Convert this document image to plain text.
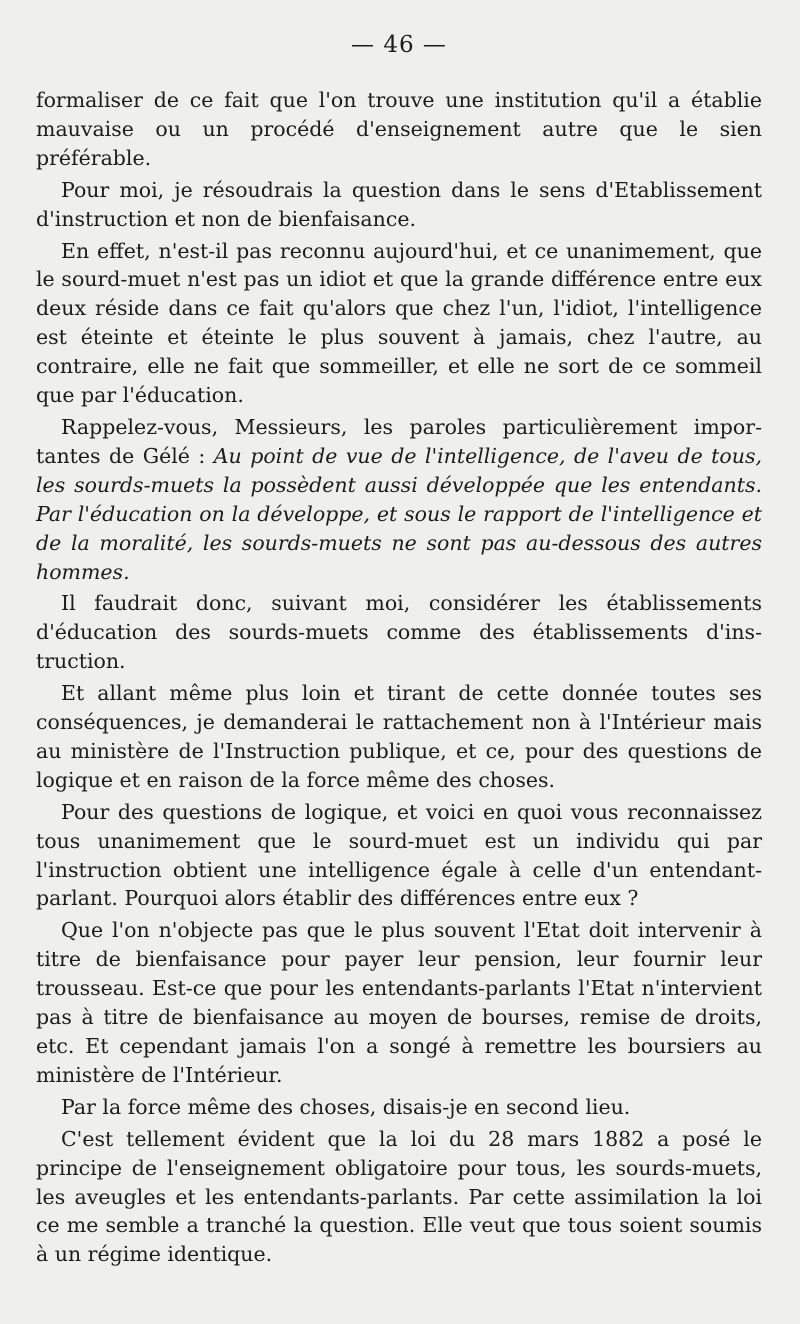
— 46 —

formaliser de ce fait que l'on trouve une institution qu'il a établie mauvaise ou un procédé d'enseignement autre que le sien préférable.

Pour moi, je résoudrais la question dans le sens d'Etablissement d'instruction et non de bienfaisance.

En effet, n'est-il pas reconnu aujourd'hui, et ce unanimement, que le sourd-muet n'est pas un idiot et que la grande différence entre eux deux réside dans ce fait qu'alors que chez l'un, l'idiot, l'intelligence est éteinte et éteinte le plus souvent à jamais, chez l'autre, au contraire, elle ne fait que sommeiller, et elle ne sort de ce sommeil que par l'éducation.

Rappelez-vous, Messieurs, les paroles particulièrement importantes de Gélé : Au point de vue de l'intelligence, de l'aveu de tous, les sourds-muets la possèdent aussi développée que les entendants. Par l'éducation on la développe, et sous le rapport de l'intelligence et de la moralité, les sourds-muets ne sont pas au-dessous des autres hommes.

Il faudrait donc, suivant moi, considérer les établissements d'éducation des sourds-muets comme des établissements d'instruction.

Et allant même plus loin et tirant de cette donnée toutes ses conséquences, je demanderai le rattachement non à l'Intérieur mais au ministère de l'Instruction publique, et ce, pour des questions de logique et en raison de la force même des choses.

Pour des questions de logique, et voici en quoi vous reconnaissez tous unanimement que le sourd-muet est un individu qui par l'instruction obtient une intelligence égale à celle d'un entendant-parlant. Pourquoi alors établir des différences entre eux ?

Que l'on n'objecte pas que le plus souvent l'Etat doit intervenir à titre de bienfaisance pour payer leur pension, leur fournir leur trousseau. Est-ce que pour les entendants-parlants l'Etat n'intervient pas à titre de bienfaisance au moyen de bourses, remise de droits, etc. Et cependant jamais l'on a songé à remettre les boursiers au ministère de l'Intérieur.

Par la force même des choses, disais-je en second lieu.

C'est tellement évident que la loi du 28 mars 1882 a posé le principe de l'enseignement obligatoire pour tous, les sourds-muets, les aveugles et les entendants-parlants. Par cette assimilation la loi ce me semble a tranché la question. Elle veut que tous soient soumis à un régime identique.
